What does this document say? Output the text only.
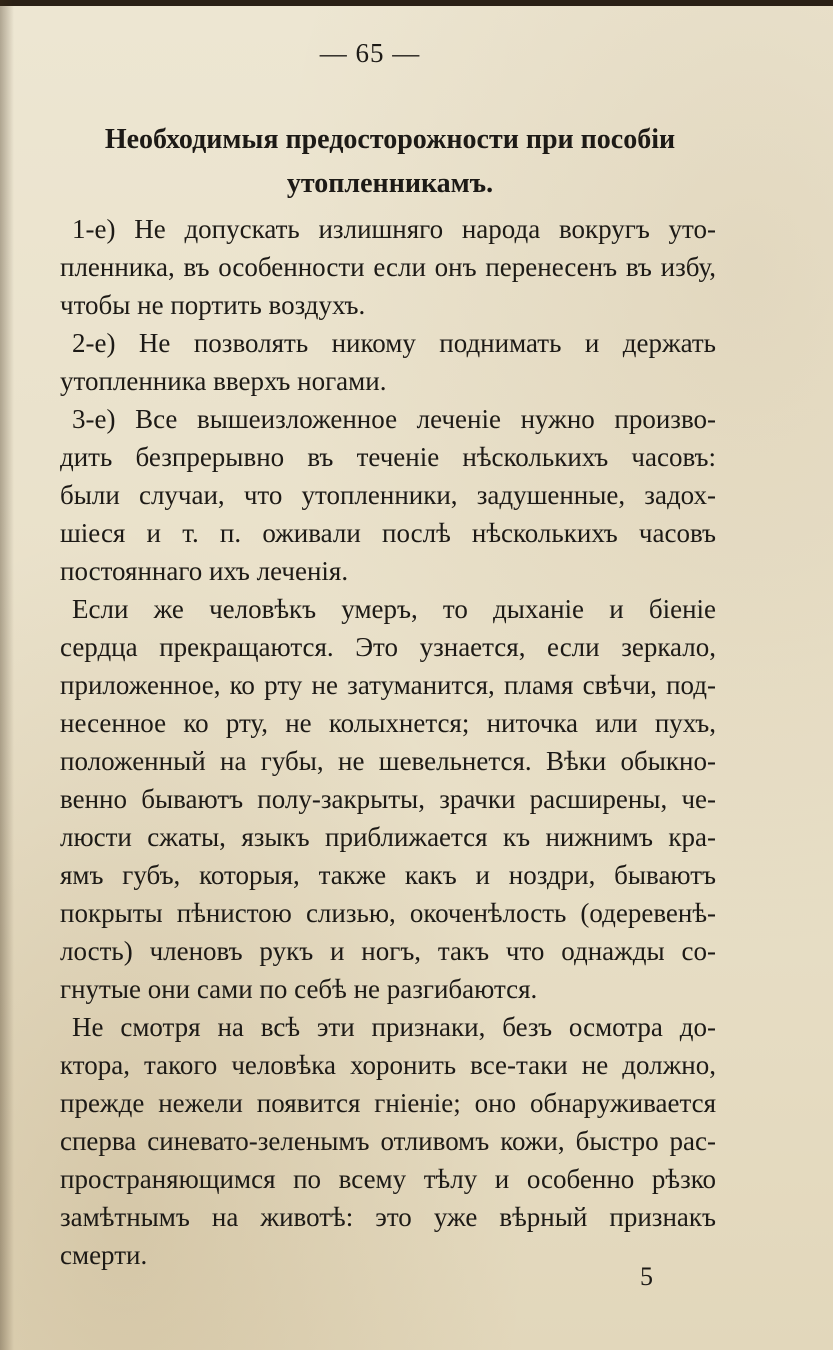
— 65 —
Необходимыя предосторожности при пособіи
утопленникамъ.
1-е) Не допускать излишняго народа вокругъ уто-
пленника, въ особенности если онъ перенесенъ въ избу,
чтобы не портить воздухъ.
2-е) Не позволять никому поднимать и держать
утопленника вверхъ ногами.
3-е) Все вышеизложенное леченіе нужно произво-
дить безпрерывно въ теченіе нѣсколькихъ часовъ:
были случаи, что утопленники, задушенные, задох-
шіеся и т. п. оживали послѣ нѣсколькихъ часовъ
постояннаго ихъ леченія.
Если же человѣкъ умеръ, то дыханіе и біеніе
сердца прекращаются. Это узнается, если зеркало,
приложенное, ко рту не затуманится, пламя свѣчи, под-
несенное ко рту, не колыхнется; ниточка или пухъ,
положенный на губы, не шевельнется. Вѣки обыкно-
венно бываютъ полу-закрыты, зрачки расширены, че-
люсти сжаты, языкъ приближается къ нижнимъ кра-
ямъ губъ, которыя, также какъ и ноздри, бываютъ
покрыты пѣнистою слизью, окоченѣлость (одеревенѣ-
лость) членовъ рукъ и ногъ, такъ что однажды со-
гнутые они сами по себѣ не разгибаются.
Не смотря на всѣ эти признаки, безъ осмотра до-
ктора, такого человѣка хоронить все-таки не должно,
прежде нежели появится гніеніе; оно обнаруживается
сперва синевато-зеленымъ отливомъ кожи, быстро рас-
пространяющимся по всему тѣлу и особенно рѣзко
замѣтнымъ на животѣ: это уже вѣрный признакъ
смерти.
5
